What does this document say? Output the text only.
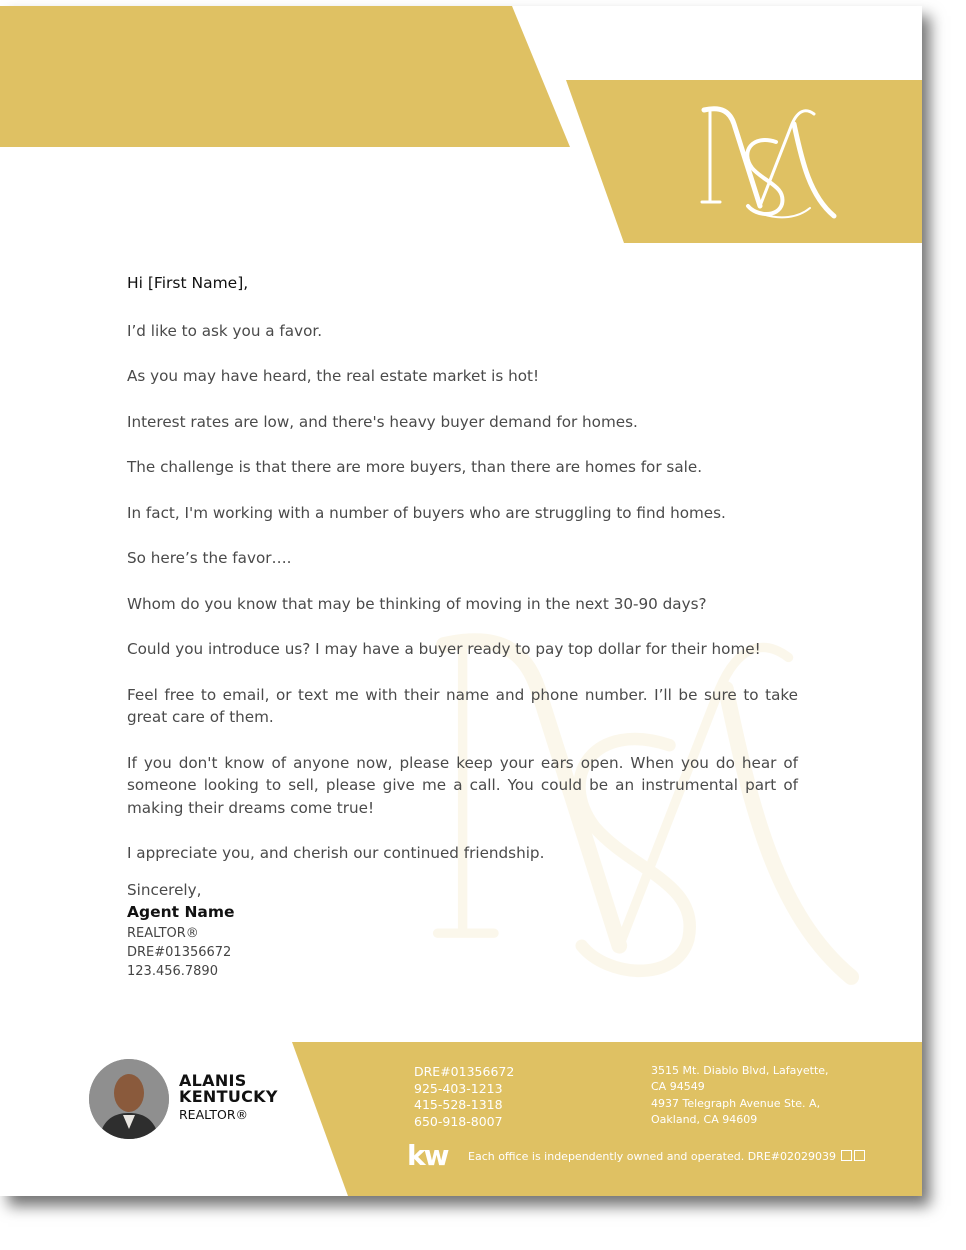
Hi [First Name],

I’d like to ask you a favor.

As you may have heard, the real estate market is hot!

Interest rates are low, and there's heavy buyer demand for homes.

The challenge is that there are more buyers, than there are homes for sale.

In fact, I'm working with a number of buyers who are struggling to find homes.

So here’s the favor….

Whom do you know that may be thinking of moving in the next 30-90 days?

Could you introduce us? I may have a buyer ready to pay top dollar for their home!

Feel free to email, or text me with their name and phone number. I’ll be sure to take great care of them.

If you don't know of anyone now, please keep your ears open. When you do hear of someone looking to sell, please give me a call. You could be an instrumental part of making their dreams come true!

I appreciate you, and cherish our continued friendship.

Sincerely,

Agent Name

REALTOR®

DRE#01356672

123.456.7890

ALANIS
KENTUCKY
REALTOR®
DRE#01356672
925-403-1213
415-528-1318
650-918-8007
3515 Mt. Diablo Blvd, Lafayette,
CA 94549
4937 Telegraph Avenue Ste. A,
Oakland, CA 94609
kw Each office is independently owned and operated. DRE#02029039
